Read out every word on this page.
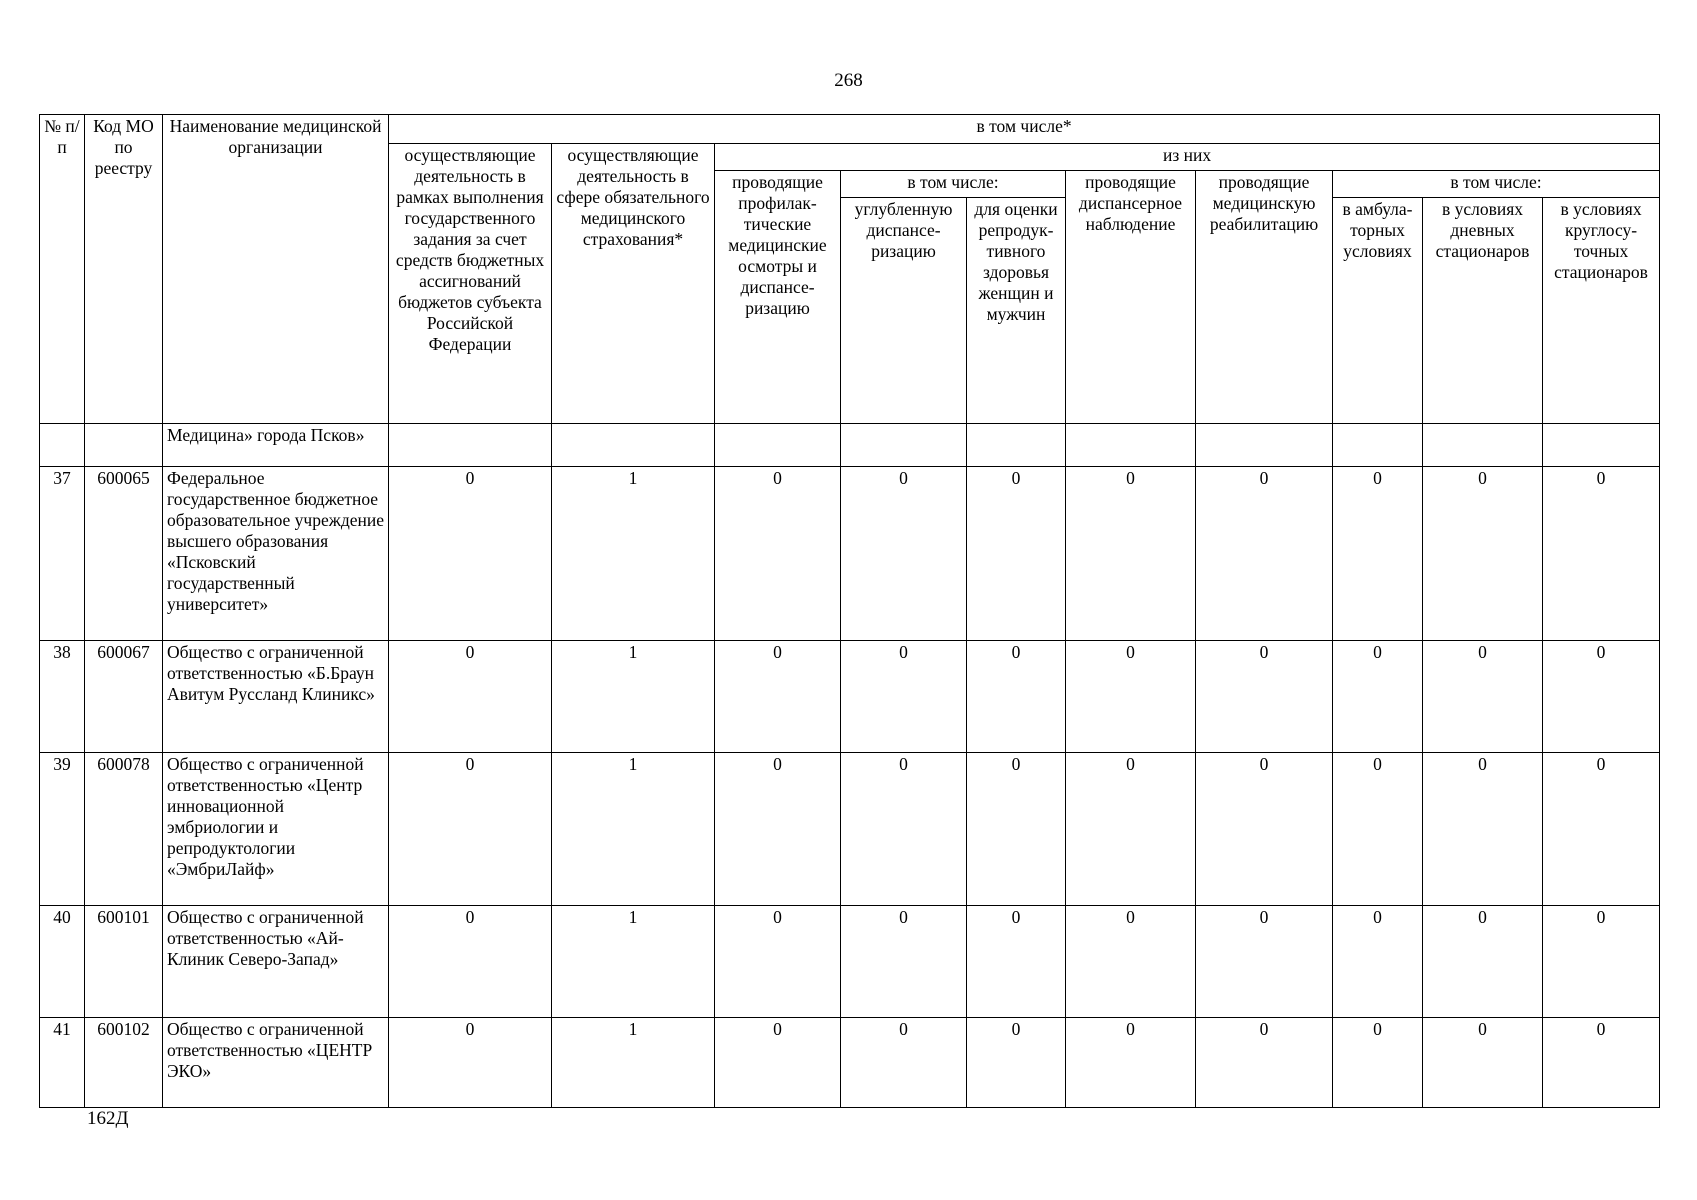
268
№ п/п	Код МО по реестру	Наименование медицинской организации	в том числе*									
			осуществляющие деятельность в рамках выполнения государственного задания за счет средств бюджетных ассигнований бюджетов субъекта Российской Федерации	осуществляющие деятельность в сфере обязательного медицинского страхования*	из них							
					проводящие профилак-тические медицинские осмотры и диспансе-ризацию	в том числе:		проводящие диспансерное наблюдение	проводящие медицинскую реабилитацию	в том числе:		
						углубленную диспансе-ризацию	для оценки репродук-тивного здоровья женщин и мужчин			в амбула-торных условиях	в условиях дневных стационаров	в условиях круглосу-точных стационаров
		Медицина» города Псков»										
37	600065	Федеральное государственное бюджетное образовательное учреждение высшего образования «Псковский государственный университет»	0	1	0	0	0	0	0	0	0	0
38	600067	Общество с ограниченной ответственностью «Б.Браун Авитум Руссланд Клиникс»	0	1	0	0	0	0	0	0	0	0
39	600078	Общество с ограниченной ответственностью «Центр инновационной эмбриологии и репродуктологии «ЭмбриЛайф»	0	1	0	0	0	0	0	0	0	0
40	600101	Общество с ограниченной ответственностью «Ай-Клиник Северо-Запад»	0	1	0	0	0	0	0	0	0	0
41	600102	Общество с ограниченной ответственностью «ЦЕНТР ЭКО»	0	1	0	0	0	0	0	0	0	0
162Д
